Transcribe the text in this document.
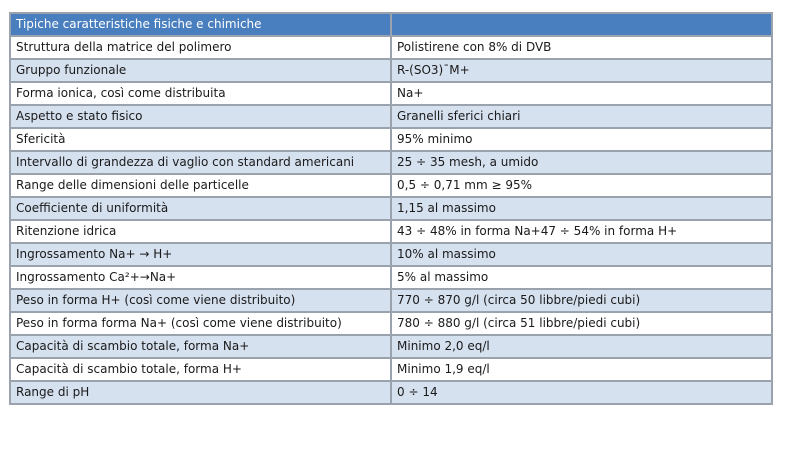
Tipiche caratteristiche fisiche e chimiche	
Struttura della matrice del polimero	Polistirene con 8% di DVB
Gruppo funzionale	R-(SO3)¯M+
Forma ionica, così come distribuita	Na+
Aspetto e stato fisico	Granelli sferici chiari
Sfericità	95% minimo
Intervallo di grandezza di vaglio con standard americani	25 ÷ 35 mesh, a umido
Range delle dimensioni delle particelle	0,5 ÷ 0,71 mm ≥ 95%
Coefficiente di uniformità	1,15 al massimo
Ritenzione idrica	43 ÷ 48% in forma Na+47 ÷ 54% in forma H+
Ingrossamento Na+ → H+	10% al massimo
Ingrossamento Ca²+→Na+	5% al massimo
Peso in forma H+ (così come viene distribuito)	770 ÷ 870 g/l (circa 50 libbre/piedi cubi)
Peso in forma forma Na+ (così come viene distribuito)	780 ÷ 880 g/l (circa 51 libbre/piedi cubi)
Capacità di scambio totale, forma Na+	Minimo 2,0 eq/l
Capacità di scambio totale, forma H+	Minimo 1,9 eq/l
Range di pH	0 ÷ 14
